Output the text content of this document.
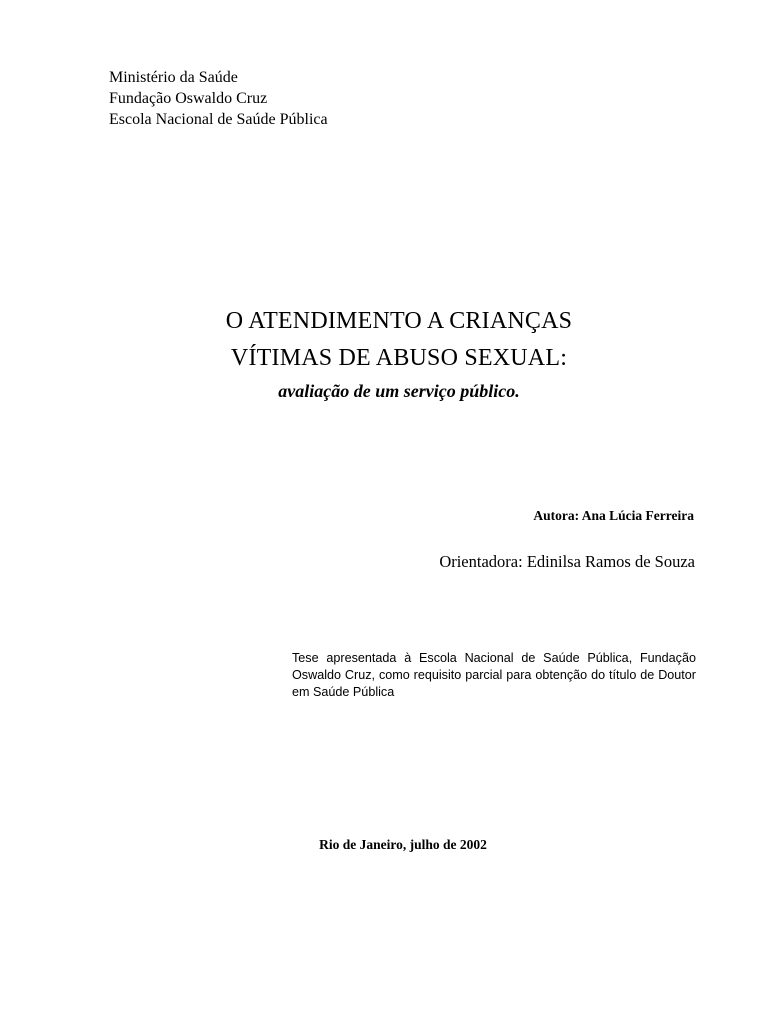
Ministério da Saúde
Fundação Oswaldo Cruz
Escola Nacional de Saúde Pública
O ATENDIMENTO A CRIANÇAS
VÍTIMAS DE ABUSO SEXUAL:
avaliação de um serviço público.
Autora: Ana Lúcia Ferreira
Orientadora: Edinilsa Ramos de Souza
Tese apresentada à Escola Nacional de Saúde Pública, Fundação Oswaldo Cruz, como requisito parcial para obtenção do título de Doutor em Saúde Pública
Rio de Janeiro, julho de 2002
